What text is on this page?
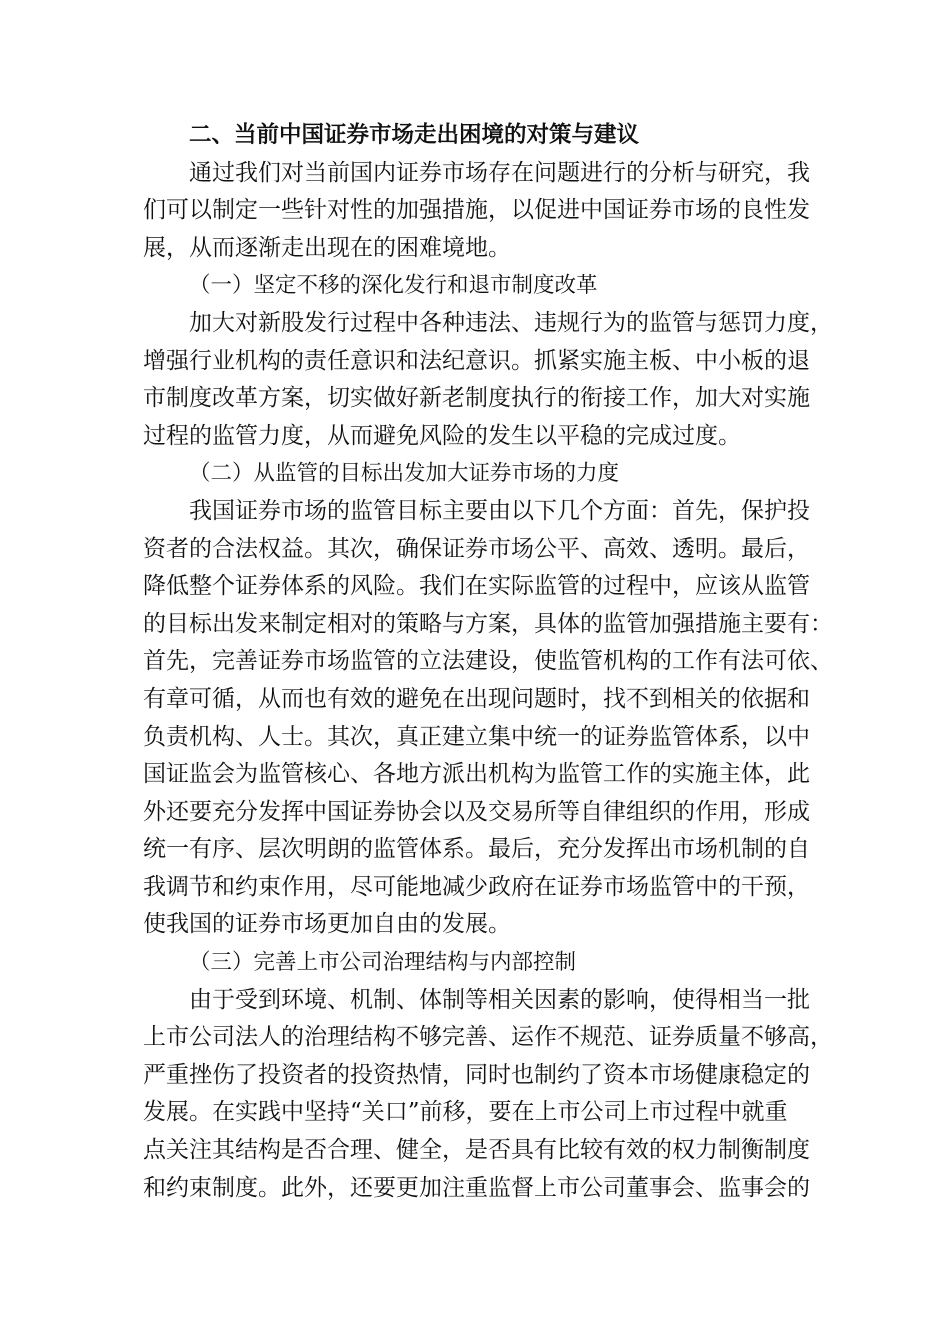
二、当前中国证券市场走出困境的对策与建议
通过我们对当前国内证券市场存在问题进行的分析与研究，我
们可以制定一些针对性的加强措施，以促进中国证券市场的良性发
展，从而逐渐走出现在的困难境地。
（一）坚定不移的深化发行和退市制度改革
加大对新股发行过程中各种违法、违规行为的监管与惩罚力度，
增强行业机构的责任意识和法纪意识。抓紧实施主板、中小板的退
市制度改革方案，切实做好新老制度执行的衔接工作，加大对实施
过程的监管力度，从而避免风险的发生以平稳的完成过度。
（二）从监管的目标出发加大证券市场的力度
我国证券市场的监管目标主要由以下几个方面：首先，保护投
资者的合法权益。其次，确保证券市场公平、高效、透明。最后，
降低整个证券体系的风险。我们在实际监管的过程中，应该从监管
的目标出发来制定相对的策略与方案，具体的监管加强措施主要有：
首先，完善证券市场监管的立法建设，使监管机构的工作有法可依、
有章可循，从而也有效的避免在出现问题时，找不到相关的依据和
负责机构、人士。其次，真正建立集中统一的证券监管体系，以中
国证监会为监管核心、各地方派出机构为监管工作的实施主体，此
外还要充分发挥中国证券协会以及交易所等自律组织的作用，形成
统一有序、层次明朗的监管体系。最后，充分发挥出市场机制的自
我调节和约束作用，尽可能地减少政府在证券市场监管中的干预，
使我国的证券市场更加自由的发展。
（三）完善上市公司治理结构与内部控制
由于受到环境、机制、体制等相关因素的影响，使得相当一批
上市公司法人的治理结构不够完善、运作不规范、证券质量不够高，
严重挫伤了投资者的投资热情，同时也制约了资本市场健康稳定的
发展。在实践中坚持“关口”前移，要在上市公司上市过程中就重
点关注其结构是否合理、健全，是否具有比较有效的权力制衡制度
和约束制度。此外，还要更加注重监督上市公司董事会、监事会的
